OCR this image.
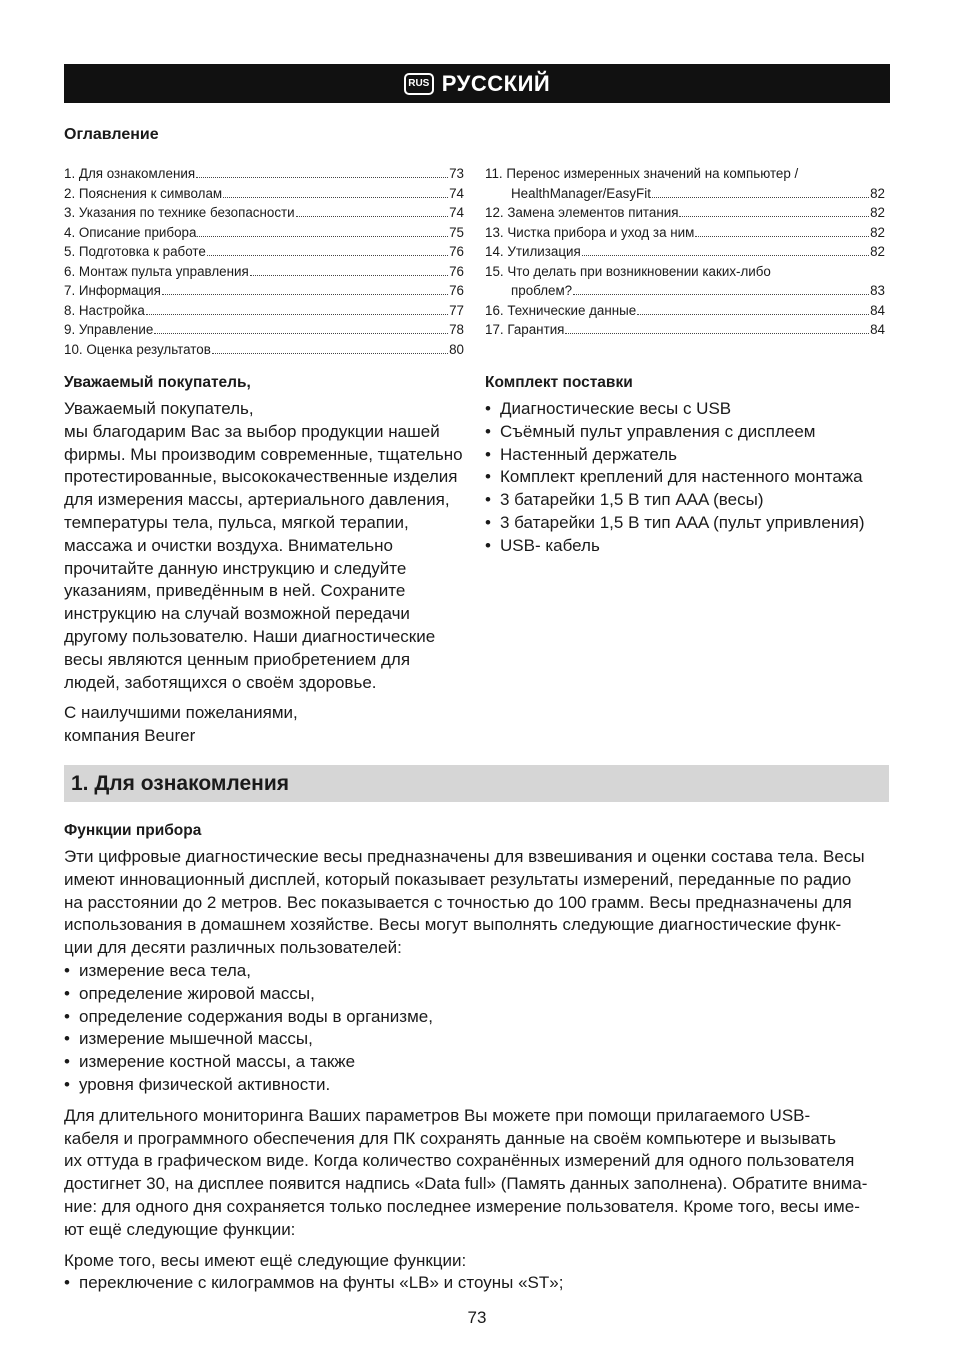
RUS РУССКИЙ
Оглавление
1. Для ознакомления	73
2. Пояснения к символам	74
3. Указания по технике безопасности	74
4. Описание прибора	75
5. Подготовка к работе	76
6. Монтаж пульта управления	76
7. Информация	76
8. Настройка	77
9. Управление	78
10. Оценка результатов	80
11. Перенос измеренных значений на компьютер /
HealthManager/EasyFit	82
12. Замена элементов питания	82
13. Чистка прибора и уход за ним	82
14. Утилизация	82
15. Что делать при возникновении каких-либо
проблем?	83
16. Технические данные	84
17. Гарантия	84
Уважаемый покупатель,
Уважаемый покупатель,
мы благодарим Вас за выбор продукции нашей
фирмы. Мы производим современные, тщательно
протестированные, высококачественные изделия
для измерения массы, артериального давления,
температуры тела, пульса, мягкой терапии,
массажа и очистки воздуха. Внимательно
прочитайте данную инструкцию и следуйте
указаниям, приведённым в ней. Сохраните
инструкцию на случай возможной передачи
другому пользователю. Наши диагностические
весы являются ценным приобретением для
людей, заботящихся о своём здоровье.
С наилучшими пожеланиями,
компания Beurer
Комплект поставки
• Диагностические весы с USB
• Съёмный пульт управления с дисплеем
• Настенный держатель
• Комплект креплений для настенного монтажа
• 3 батарейки 1,5 В тип AAA (весы)
• 3 батарейки 1,5 В тип AAA (пульт упривления)
• USB- кабель
1. Для ознакомления
Функции прибора
Эти цифровые диагностические весы предназначены для взвешивания и оценки состава тела. Весы
имеют инновационный дисплей, который показывает результаты измерений, переданные по радио
на расстоянии до 2 метров. Вес показывается с точностью до 100 грамм. Весы предназначены для
использования в домашнем хозяйстве. Весы могут выполнять следующие диагностические функ-
ции для десяти различных пользователей:
• измерение веса тела,
• определение жировой массы,
• определение содержания воды в организме,
• измерение мышечной массы,
• измерение костной массы, а также
• уровня физической активности.
Для длительного мониторинга Ваших параметров Вы можете при помощи прилагаемого USB-
кабеля и программного обеспечения для ПК сохранять данные на своём компьютере и вызывать
их оттуда в графическом виде. Когда количество сохранённых измерений для одного пользователя
достигнет 30, на дисплее появится надпись «Data full» (Память данных заполнена). Обратите внима-
ние: для одного дня сохраняется только последнее измерение пользователя. Кроме того, весы име-
ют ещё следующие функции:
Кроме того, весы имеют ещё следующие функции:
• переключение с килограммов на фунты «LB» и стоуны «ST»;
73
